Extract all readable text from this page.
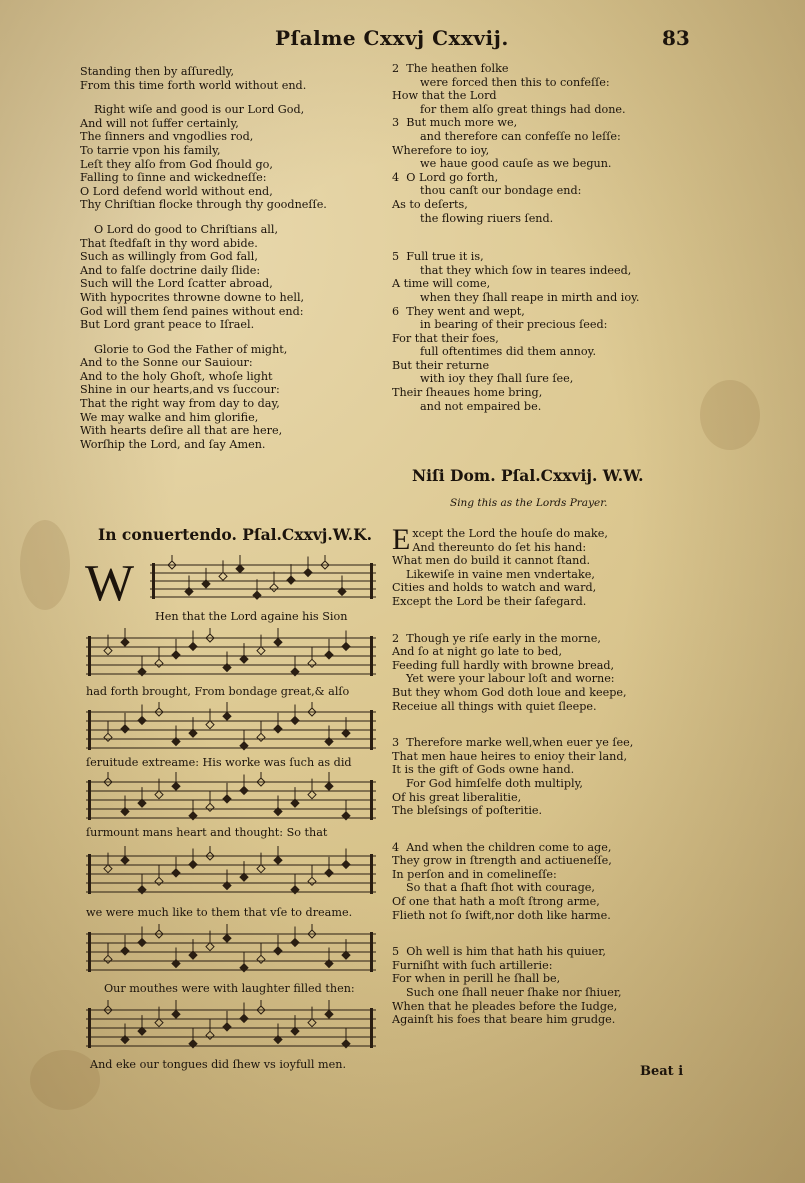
Pſalme Cxxvj Cxxvij.	83

Standing then by aſſuredly,

From this time forth world without end.

Right wiſe and good is our Lord God,

And will not ſuffer certainly,

The ſinners and vngodlies rod,

To tarrie vpon his family,

Leſt they alſo from God ſhould go,

Falling to ſinne and wickedneſſe:

O Lord defend world without end,

Thy Chriſtian flocke through thy goodneſſe.

O Lord do good to Chriſtians all,

That ſtedfaſt in thy word abide.

Such as willingly from God fall,

And to falſe doctrine daily ſlide:

Such will the Lord ſcatter abroad,

With hypocrites throwne downe to hell,

God will them ſend paines without end:

But Lord grant peace to Iſrael.

Glorie to God the Father of might,

And to the Sonne our Sauiour:

And to the holy Ghoſt, whoſe light

Shine in our hearts,and vs ſuccour:

That the right way from day to day,

We may walke and him glorifie,

With hearts deſire all that are here,

Worſhip the Lord, and ſay Amen.

In conuertendo. Pſal.Cxxvj.W.K.

W
Hen that the Lord againe his Sion
had forth brought, From bondage great,& alſo
ſeruitude extreame: His worke was ſuch as did
ſurmount mans heart and thought: So that
we were much like to them that vſe to dreame.
Our mouthes were with laughter filled then:
And eke our tongues did ſhew vs ioyfull men.

2  The heathen folke

were forced then this to confeſſe:

How that the Lord

for them alſo great things had done.

3  But much more we,

and therefore can confeſſe no leſſe:

Wherefore to ioy,

we haue good cauſe as we begun.

4  O Lord go forth,

thou canſt our bondage end:

As to deſerts,

the flowing riuers ſend.

5  Full true it is,

that they which ſow in teares indeed,

A time will come,

when they ſhall reape in mirth and ioy.

6  They went and wept,

in bearing of their precious ſeed:

For that their foes,

full oftentimes did them annoy.

But their returne

with ioy they ſhall ſure ſee,

Their ſheaues home bring,

and not empaired be.

Niſi Dom. Pſal.Cxxvij. W.W.

Sing this as the Lords Prayer.

E xcept the Lord the houſe do make,

And thereunto do ſet his hand:

What men do build it cannot ſtand.

Likewiſe in vaine men vndertake,

Cities and holds to watch and ward,

Except the Lord be their ſafegard.

2  Though ye riſe early in the morne,

And ſo at night go late to bed,

Feeding full hardly with browne bread,

Yet were your labour loſt and worne:

But they whom God doth loue and keepe,

Receiue all things with quiet ſleepe.

3  Therefore marke well,when euer ye ſee,

That men haue heires to enioy their land,

It is the gift of Gods owne hand.

For God himſelfe doth multiply,

Of his great liberalitie,

The bleſsings of poſteritie.

4  And when the children come to age,

They grow in ſtrength and actiueneſſe,

In perſon and in comelineſſe:

So that a ſhaft ſhot with courage,

Of one that hath a moſt ſtrong arme,

Flieth not ſo ſwift,nor doth like harme.

5  Oh well is him that hath his quiuer,

Furniſht with ſuch artillerie:

For when in perill he ſhall be,

Such one ſhall neuer ſhake nor ſhiuer,

When that he pleades before the Iudge,

Againſt his foes that beare him grudge.

Beat i
